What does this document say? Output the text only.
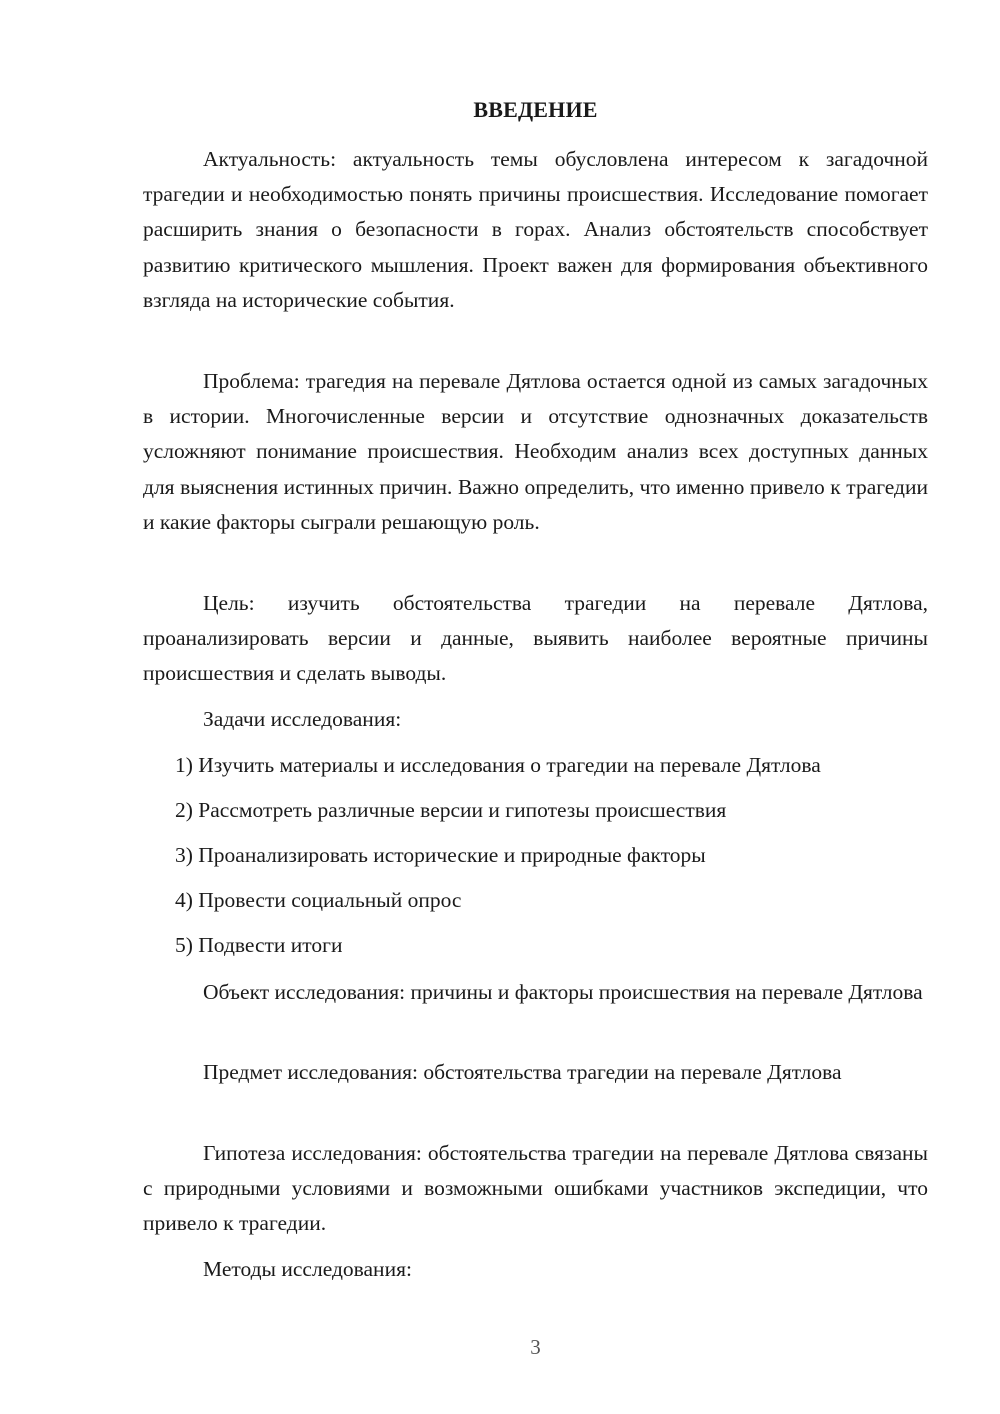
ВВЕДЕНИЕ

Актуальность: актуальность темы обусловлена интересом к загадочной трагедии и необходимостью понять причины происшествия. Исследование помогает расширить знания о безопасности в горах. Анализ обстоятельств способствует развитию критического мышления. Проект важен для формирования объективного взгляда на исторические события.

Проблема: трагедия на перевале Дятлова остается одной из самых загадочных в истории. Многочисленные версии и отсутствие однозначных доказательств усложняют понимание происшествия. Необходим анализ всех доступных данных для выяснения истинных причин. Важно определить, что именно привело к трагедии и какие факторы сыграли решающую роль.

Цель: изучить обстоятельства трагедии на перевале Дятлова, проанализировать версии и данные, выявить наиболее вероятные причины происшествия и сделать выводы.

Задачи исследования:

1) Изучить материалы и исследования о трагедии на перевале Дятлова

2) Рассмотреть различные версии и гипотезы происшествия

3) Проанализировать исторические и природные факторы

4) Провести социальный опрос

5) Подвести итоги

Объект исследования: причины и факторы происшествия на перевале Дятлова

Предмет исследования: обстоятельства трагедии на перевале Дятлова

Гипотеза исследования: обстоятельства трагедии на перевале Дятлова связаны с природными условиями и возможными ошибками участников экспедиции, что привело к трагедии.

Методы исследования:

3
